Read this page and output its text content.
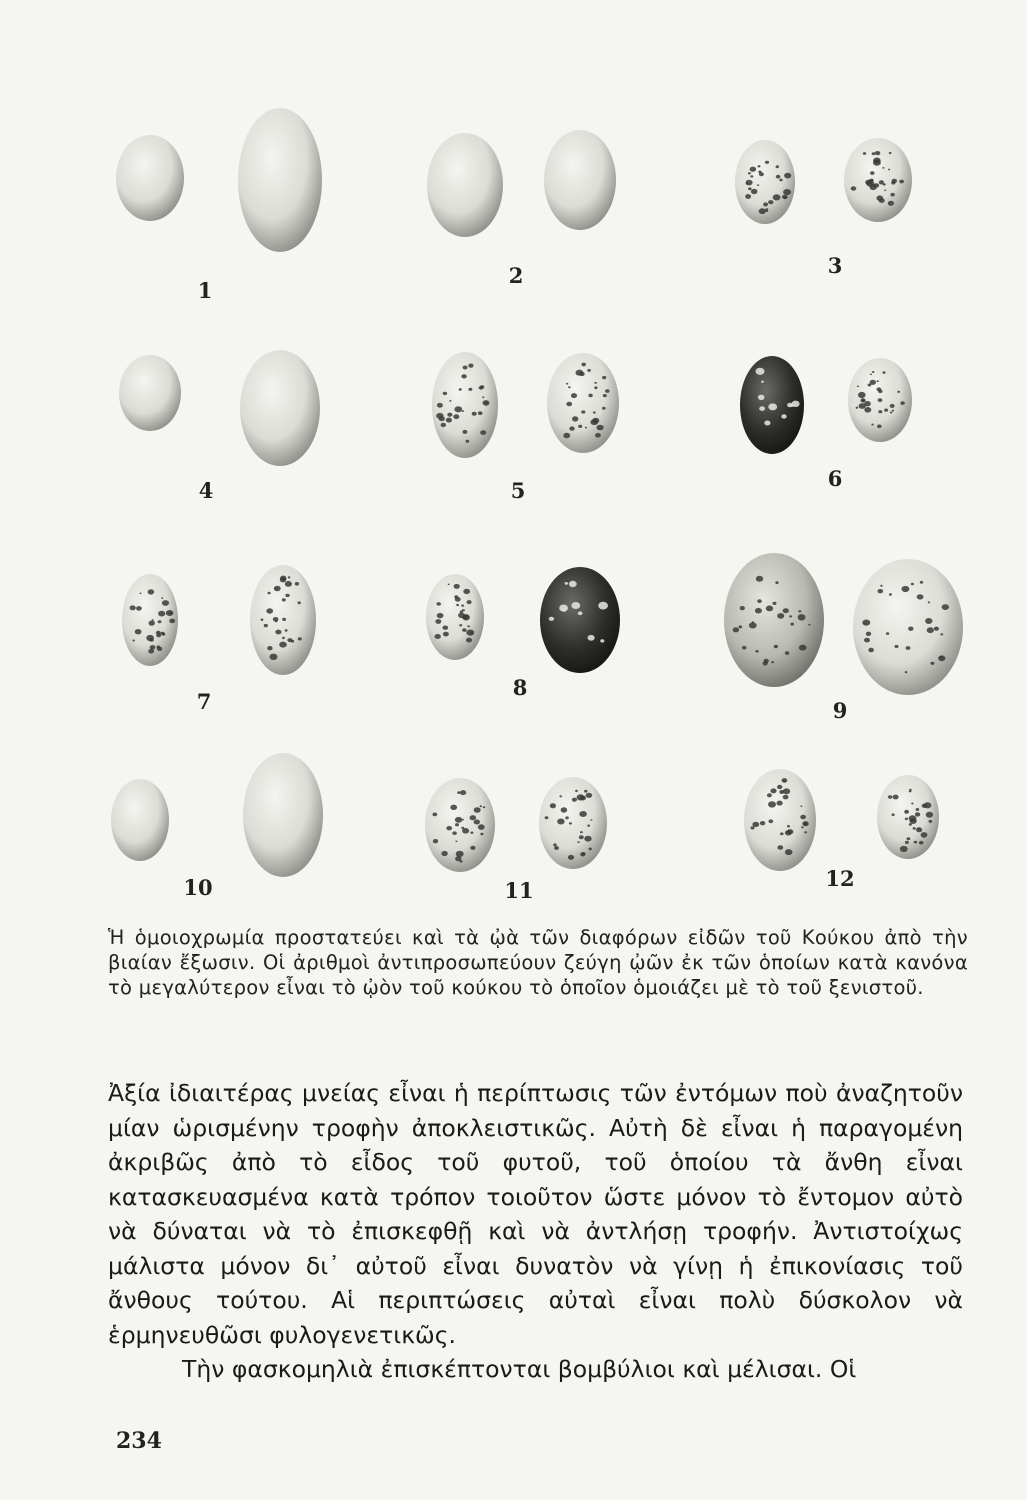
1
2	3
4	5	6
7
8
9
10	11	12

Ἡ ὁμοιοχρωμία προστατεύει καὶ τὰ ᾠὰ τῶν διαφόρων εἰδῶν τοῦ Κούκου ἀπὸ τὴν βιαίαν ἔξωσιν. Οἱ ἀριθμοὶ ἀντιπροσωπεύουν ζεύγη ᾠῶν ἐκ τῶν ὁποίων κατὰ κανόνα τὸ μεγαλύτερον εἶναι τὸ ᾠὸν τοῦ κούκου τὸ ὁποῖον ὁμοιάζει μὲ τὸ τοῦ ξενιστοῦ.

Ἀξία ἰδιαιτέρας μνείας εἶναι ἡ περίπτωσις τῶν ἐντόμων ποὺ ἀναζητοῦν μίαν ὡρισμένην τροφὴν ἀποκλειστικῶς. Αὐτὴ δὲ εἶναι ἡ παραγομένη ἀκριβῶς ἀπὸ τὸ εἶδος τοῦ φυτοῦ, τοῦ ὁποίου τὰ ἄνθη εἶναι κατασκευασμένα κατὰ τρόπον τοιοῦτον ὥστε μόνον τὸ ἔντομον αὐτὸ νὰ δύναται νὰ τὸ ἐπισκεφθῇ καὶ νὰ ἀντλήσῃ τροφήν. Ἀντιστοίχως μάλιστα μόνον δι᾽ αὐτοῦ εἶναι δυνατὸν νὰ γίνῃ ἡ ἐπικονίασις τοῦ ἄνθους τούτου. Αἱ περιπτώσεις αὐταὶ εἶναι πολὺ δύσκολον νὰ ἑρμηνευθῶσι φυλογενετικῶς.

Τὴν φασκομηλιὰ ἐπισκέπτονται βομβύλιοι καὶ μέλισαι. Οἱ

234
